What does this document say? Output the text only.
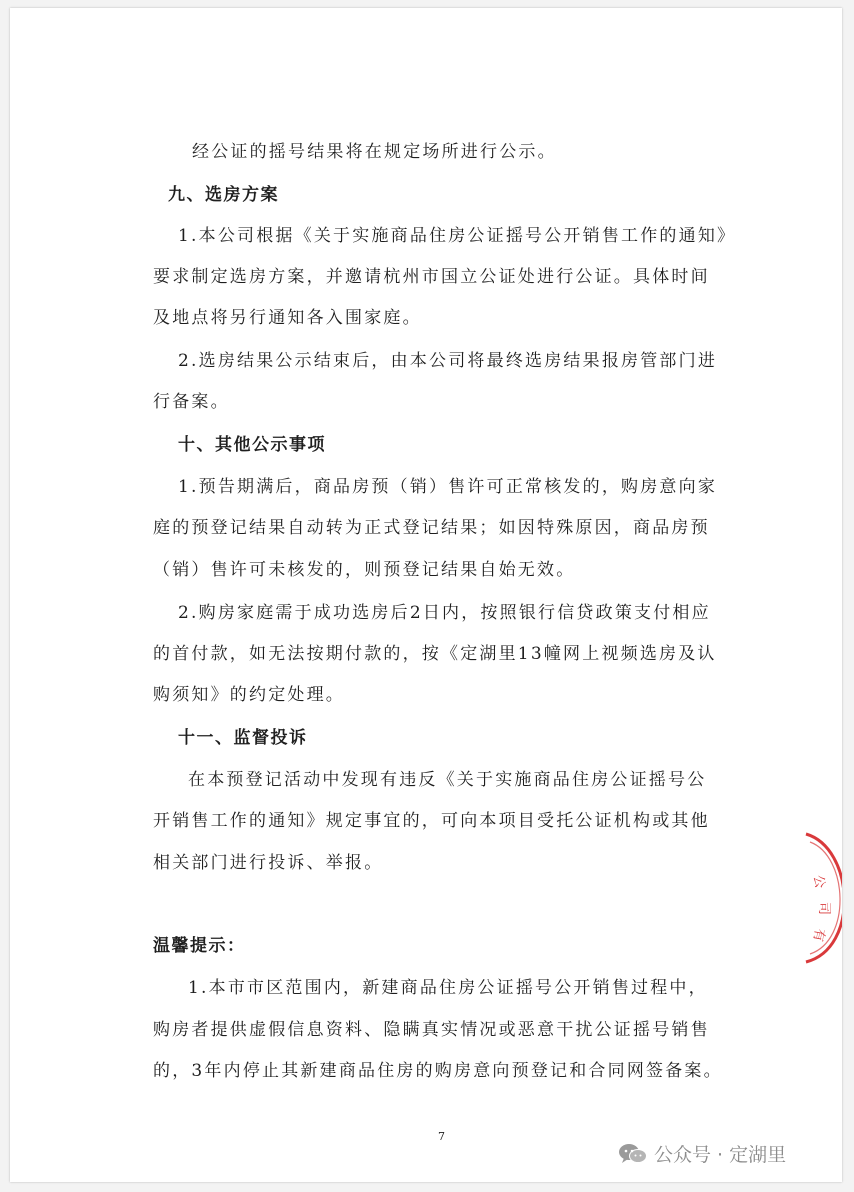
经公证的摇号结果将在规定场所进行公示。
九、选房方案
1.本公司根据《关于实施商品住房公证摇号公开销售工作的通知》
要求制定选房方案，并邀请杭州市国立公证处进行公证。具体时间
及地点将另行通知各入围家庭。
2.选房结果公示结束后，由本公司将最终选房结果报房管部门进
行备案。
十、其他公示事项
1.预告期满后，商品房预（销）售许可正常核发的，购房意向家
庭的预登记结果自动转为正式登记结果；如因特殊原因，商品房预
（销）售许可未核发的，则预登记结果自始无效。
2.购房家庭需于成功选房后2日内，按照银行信贷政策支付相应
的首付款，如无法按期付款的，按《定湖里13幢网上视频选房及认
购须知》的约定处理。
十一、监督投诉
在本预登记活动中发现有违反《关于实施商品住房公证摇号公
开销售工作的通知》规定事宜的，可向本项目受托公证机构或其他
相关部门进行投诉、举报。
温馨提示：
1.本市市区范围内，新建商品住房公证摇号公开销售过程中，
购房者提供虚假信息资料、隐瞒真实情况或恶意干扰公证摇号销售
的，3年内停止其新建商品住房的购房意向预登记和合同网签备案。
7
公
司
有
公众号 · 定湖里
